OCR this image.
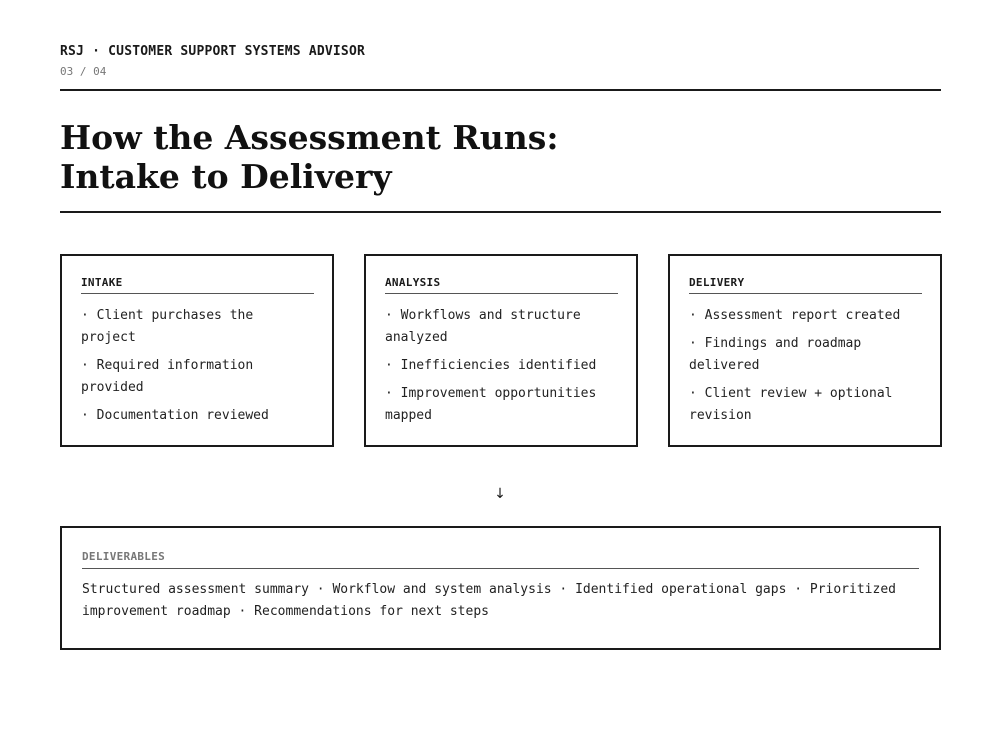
RSJ · CUSTOMER SUPPORT SYSTEMS ADVISOR
03 / 04
How the Assessment Runs:
Intake to Delivery
INTAKE
· Client purchases the project
· Required information provided
· Documentation reviewed
ANALYSIS
· Workflows and structure analyzed
· Inefficiencies identified
· Improvement opportunities mapped
DELIVERY
· Assessment report created
· Findings and roadmap delivered
· Client review + optional revision
↓
DELIVERABLES

Structured assessment summary · Workflow and system analysis · Identified operational gaps · Prioritized improvement roadmap · Recommendations for next steps
